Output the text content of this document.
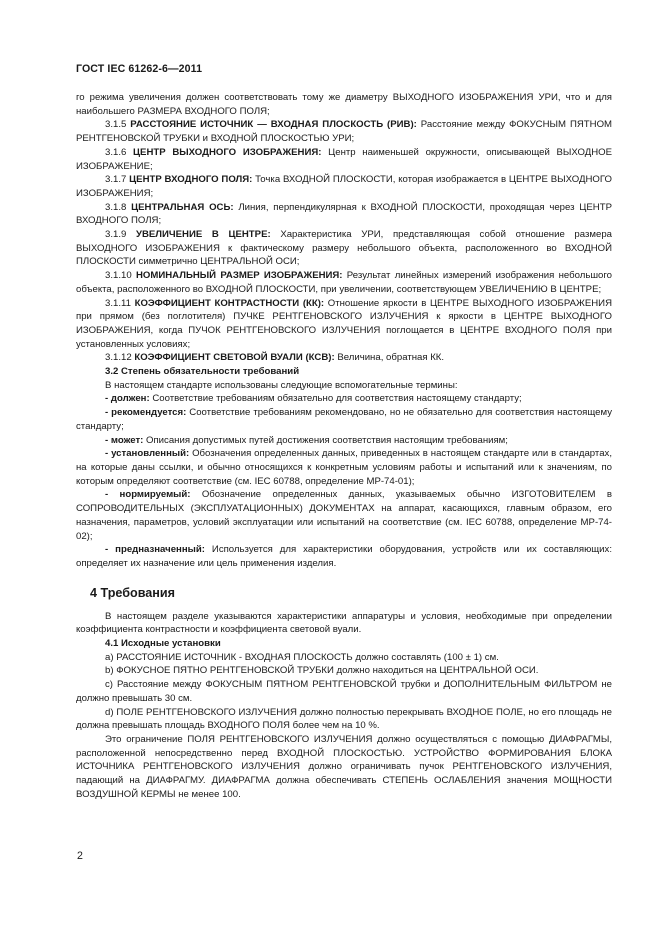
ГОСТ IEC 61262-6—2011

го режима увеличения должен соответствовать тому же диаметру ВЫХОДНОГО ИЗОБРАЖЕНИЯ УРИ, что и для наибольшего РАЗМЕРА ВХОДНОГО ПОЛЯ;

3.1.5 РАССТОЯНИЕ ИСТОЧНИК — ВХОДНАЯ ПЛОСКОСТЬ (РИВ): Расстояние между ФОКУСНЫМ ПЯТНОМ РЕНТГЕНОВСКОЙ ТРУБКИ и ВХОДНОЙ ПЛОСКОСТЬЮ УРИ;

3.1.6 ЦЕНТР ВЫХОДНОГО ИЗОБРАЖЕНИЯ: Центр наименьшей окружности, описывающей ВЫХОДНОЕ ИЗОБРАЖЕНИЕ;

3.1.7 ЦЕНТР ВХОДНОГО ПОЛЯ: Точка ВХОДНОЙ ПЛОСКОСТИ, которая изображается в ЦЕНТРЕ ВЫХОДНОГО ИЗОБРАЖЕНИЯ;

3.1.8 ЦЕНТРАЛЬНАЯ ОСЬ: Линия, перпендикулярная к ВХОДНОЙ ПЛОСКОСТИ, проходящая через ЦЕНТР ВХОДНОГО ПОЛЯ;

3.1.9 УВЕЛИЧЕНИЕ В ЦЕНТРЕ: Характеристика УРИ, представляющая собой отношение размера ВЫХОДНОГО ИЗОБРАЖЕНИЯ к фактическому размеру небольшого объекта, расположенного во ВХОДНОЙ ПЛОСКОСТИ симметрично ЦЕНТРАЛЬНОЙ ОСИ;

3.1.10 НОМИНАЛЬНЫЙ РАЗМЕР ИЗОБРАЖЕНИЯ: Результат линейных измерений изображения небольшого объекта, расположенного во ВХОДНОЙ ПЛОСКОСТИ, при увеличении, соответствующем УВЕЛИЧЕНИЮ В ЦЕНТРЕ;

3.1.11 КОЭФФИЦИЕНТ КОНТРАСТНОСТИ (КК): Отношение яркости в ЦЕНТРЕ ВЫХОДНОГО ИЗОБРАЖЕНИЯ при прямом (без поглотителя) ПУЧКЕ РЕНТГЕНОВСКОГО ИЗЛУЧЕНИЯ к яркости в ЦЕНТРЕ ВЫХОДНОГО ИЗОБРАЖЕНИЯ, когда ПУЧОК РЕНТГЕНОВСКОГО ИЗЛУЧЕНИЯ поглощается в ЦЕНТРЕ ВХОДНОГО ПОЛЯ при установленных условиях;

3.1.12 КОЭФФИЦИЕНТ СВЕТОВОЙ ВУАЛИ (КСВ): Величина, обратная КК.

3.2 Степень обязательности требований

В настоящем стандарте использованы следующие вспомогательные термины:

- должен: Соответствие требованиям обязательно для соответствия настоящему стандарту;

- рекомендуется: Соответствие требованиям рекомендовано, но не обязательно для соответствия настоящему стандарту;

- может: Описания допустимых путей достижения соответствия настоящим требованиям;

- установленный: Обозначения определенных данных, приведенных в настоящем стандарте или в стандартах, на которые даны ссылки, и обычно относящихся к конкретным условиям работы и испытаний или к значениям, по которым определяют соответствие (см. IEC 60788, определение МР-74-01);

- нормируемый: Обозначение определенных данных, указываемых обычно ИЗГОТОВИТЕЛЕМ в СОПРОВОДИТЕЛЬНЫХ (ЭКСПЛУАТАЦИОННЫХ) ДОКУМЕНТАХ на аппарат, касающихся, главным образом, его назначения, параметров, условий эксплуатации или испытаний на соответствие (см. IEC 60788, определение МР-74-02);

- предназначенный: Используется для характеристики оборудования, устройств или их составляющих: определяет их назначение или цель применения изделия.

4 Требования

В настоящем разделе указываются характеристики аппаратуры и условия, необходимые при определении коэффициента контрастности и коэффициента световой вуали.

4.1 Исходные установки

a) РАССТОЯНИЕ ИСТОЧНИК - ВХОДНАЯ ПЛОСКОСТЬ должно составлять (100 ± 1) см.

b) ФОКУСНОЕ ПЯТНО РЕНТГЕНОВСКОЙ ТРУБКИ должно находиться на ЦЕНТРАЛЬНОЙ ОСИ.

c) Расстояние между ФОКУСНЫМ ПЯТНОМ РЕНТГЕНОВСКОЙ трубки и ДОПОЛНИТЕЛЬНЫМ ФИЛЬТРОМ не должно превышать 30 см.

d) ПОЛЕ РЕНТГЕНОВСКОГО ИЗЛУЧЕНИЯ должно полностью перекрывать ВХОДНОЕ ПОЛЕ, но его площадь не должна превышать площадь ВХОДНОГО ПОЛЯ более чем на 10 %.

Это ограничение ПОЛЯ РЕНТГЕНОВСКОГО ИЗЛУЧЕНИЯ должно осуществляться с помощью ДИАФРАГМЫ, расположенной непосредственно перед ВХОДНОЙ ПЛОСКОСТЬЮ. УСТРОЙСТВО ФОРМИРОВАНИЯ БЛОКА ИСТОЧНИКА РЕНТГЕНОВСКОГО ИЗЛУЧЕНИЯ должно ограничивать пучок РЕНТГЕНОВСКОГО ИЗЛУЧЕНИЯ, падающий на ДИАФРАГМУ. ДИАФРАГМА должна обеспечивать СТЕПЕНЬ ОСЛАБЛЕНИЯ значения МОЩНОСТИ ВОЗДУШНОЙ КЕРМЫ не менее 100.

2
